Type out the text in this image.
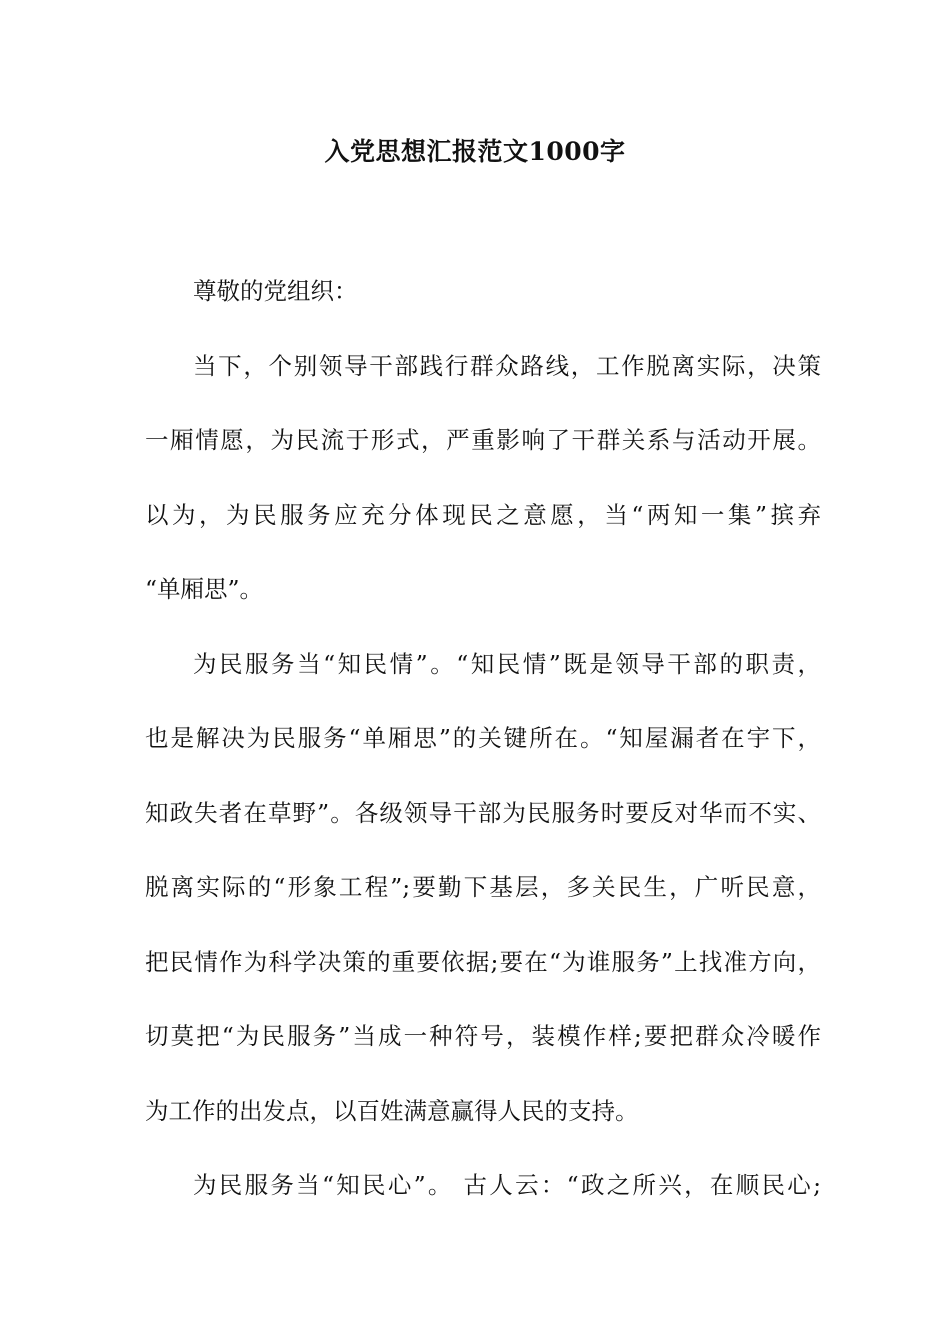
入党思想汇报范文1000字

尊敬的党组织：

当下，个别领导干部践行群众路线，工作脱离实际，决策
一厢情愿，为民流于形式，严重影响了干群关系与活动开展。
以为，为民服务应充分体现民之意愿，当“两知一集”摈弃
“单厢思”。

为民服务当“知民情”。“知民情”既是领导干部的职责，
也是解决为民服务“单厢思”的关键所在。“知屋漏者在宇下，
知政失者在草野”。各级领导干部为民服务时要反对华而不实、
脱离实际的“形象工程”;要勤下基层，多关民生，广听民意，
把民情作为科学决策的重要依据;要在“为谁服务”上找准方向，
切莫把“为民服务”当成一种符号，装模作样;要把群众冷暖作
为工作的出发点，以百姓满意赢得人民的支持。

为民服务当“知民心”。 古人云：“政之所兴，在顺民心;
